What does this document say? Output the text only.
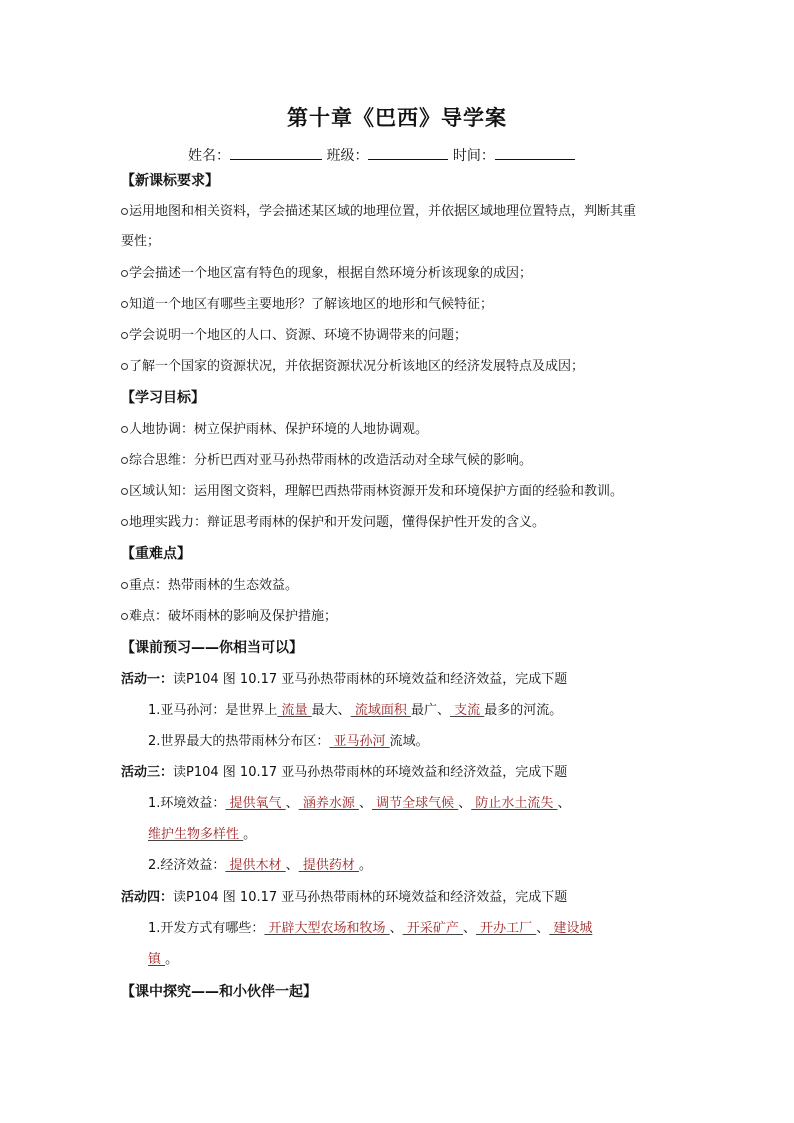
第十章《巴西》导学案
姓名：	班级：	时间：
【新课标要求】
运用地图和相关资料，学会描述某区域的地理位置，并依据区域地理位置特点，判断其重
要性；
学会描述一个地区富有特色的现象，根据自然环境分析该现象的成因；
知道一个地区有哪些主要地形？了解该地区的地形和气候特征；
学会说明一个地区的人口、资源、环境不协调带来的问题；
了解一个国家的资源状况，并依据资源状况分析该地区的经济发展特点及成因；
【学习目标】
人地协调：树立保护雨林、保护环境的人地协调观。
综合思维：分析巴西对亚马孙热带雨林的改造活动对全球气候的影响。
区域认知：运用图文资料，理解巴西热带雨林资源开发和环境保护方面的经验和教训。
地理实践力：辩证思考雨林的保护和开发问题，懂得保护性开发的含义。
【重难点】
重点：热带雨林的生态效益。
难点：破坏雨林的影响及保护措施；
【课前预习——你相当可以】
活动一：读P104 图 10.17 亚马孙热带雨林的环境效益和经济效益，完成下题
1.亚马孙河：是世界上 流量 最大、 流域面积 最广、 支流 最多的河流。
2.世界最大的热带雨林分布区： 亚马孙河 流域。
活动三：读P104 图 10.17 亚马孙热带雨林的环境效益和经济效益，完成下题
1.环境效益： 提供氧气 、 涵养水源 、 调节全球气候 、 防止水土流失 、
维护生物多样性 。
2.经济效益： 提供木材 、 提供药材 。
活动四：读P104 图 10.17 亚马孙热带雨林的环境效益和经济效益，完成下题
1.开发方式有哪些： 开辟大型农场和牧场 、 开采矿产 、 开办工厂 、 建设城
镇 。
【课中探究——和小伙伴一起】
